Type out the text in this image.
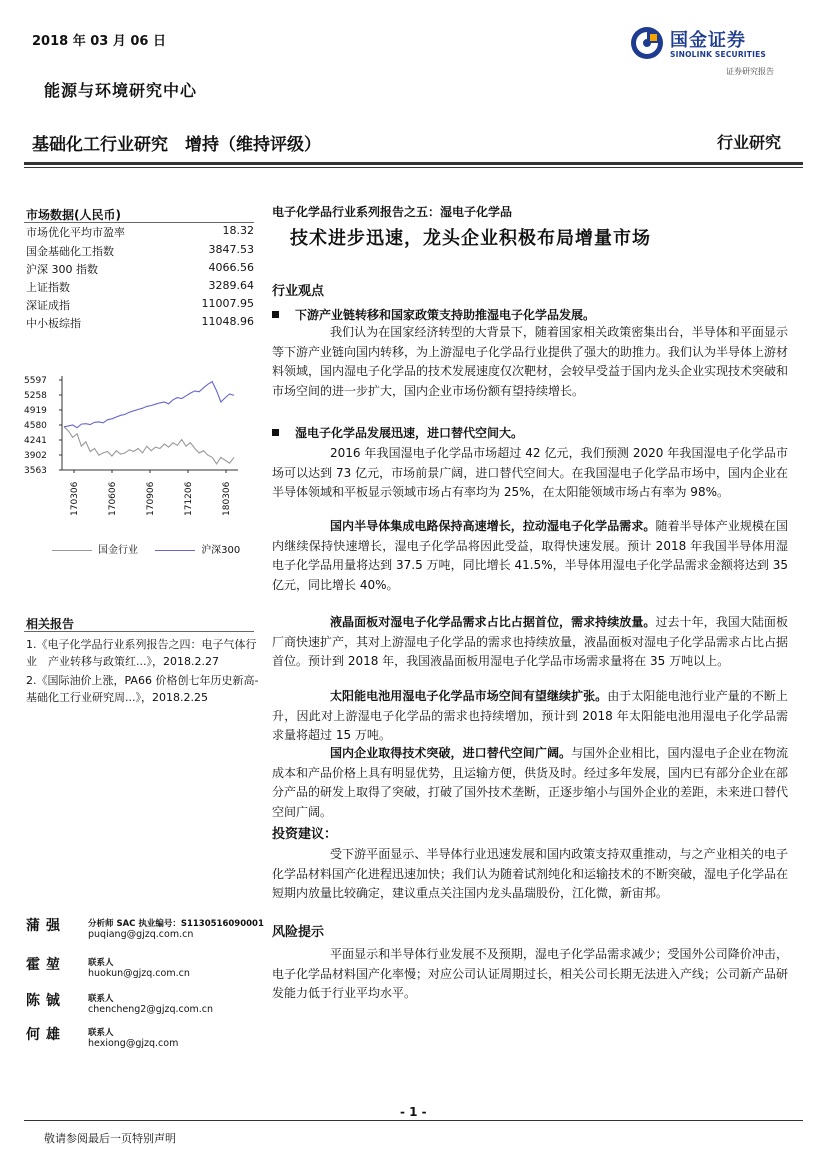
2018 年 03 月 06 日	国金证券
SINOLINK SECURITIES
证券研究报告
能源与环境研究中心
基础化工行业研究　增持（维持评级）	行业研究
市场数据(人民币)
市场优化平均市盈率	18.32
国金基础化工指数	3847.53
沪深 300 指数	4066.56
上证指数	3289.64
深证成指	11007.95
中小板综指	11048.96
5597
5258
4919
4580
4241
3902
3563
170306	170606	170906	171206	180306
国金行业	沪深300
相关报告
1.《电子化学品行业系列报告之四：电子气体行业　产业转移与政策红...》，2018.2.27
2.《国际油价上涨，PA66 价格创七年历史新高-基础化工行业研究周...》，2018.2.25
蒲强	分析师 SAC 执业编号：S1130516090001
puqiang@gjzq.com.cn
霍堃	联系人
huokun@gjzq.com.cn
陈铖	联系人
chencheng2@gjzq.com.cn
何雄	联系人
hexiong@gjzq.com
电子化学品行业系列报告之五：湿电子化学品
技术进步迅速，龙头企业积极布局增量市场
行业观点
下游产业链转移和国家政策支持助推湿电子化学品发展。
我们认为在国家经济转型的大背景下，随着国家相关政策密集出台，半导体和平面显示等下游产业链向国内转移，为上游湿电子化学品行业提供了强大的助推力。我们认为半导体上游材料领域，国内湿电子化学品的技术发展速度仅次靶材，会较早受益于国内龙头企业实现技术突破和市场空间的进一步扩大，国内企业市场份额有望持续增长。
湿电子化学品发展迅速，进口替代空间大。
2016 年我国湿电子化学品市场超过 42 亿元，我们预测 2020 年我国湿电子化学品市场可以达到 73 亿元，市场前景广阔，进口替代空间大。在我国湿电子化学品市场中，国内企业在半导体领域和平板显示领域市场占有率均为 25%，在太阳能领域市场占有率为 98%。
国内半导体集成电路保持高速增长，拉动湿电子化学品需求。随着半导体产业规模在国内继续保持快速增长，湿电子化学品将因此受益，取得快速发展。预计 2018 年我国半导体用湿电子化学品用量将达到 37.5 万吨，同比增长 41.5%，半导体用湿电子化学品需求金额将达到 35 亿元，同比增长 40%。
液晶面板对湿电子化学品需求占比占据首位，需求持续放量。过去十年，我国大陆面板厂商快速扩产，其对上游湿电子化学品的需求也持续放量，液晶面板对湿电子化学品需求占比占据首位。预计到 2018 年，我国液晶面板用湿电子化学品市场需求量将在 35 万吨以上。
太阳能电池用湿电子化学品市场空间有望继续扩张。由于太阳能电池行业产量的不断上升，因此对上游湿电子化学品的需求也持续增加，预计到 2018 年太阳能电池用湿电子化学品需求量将超过 15 万吨。
国内企业取得技术突破，进口替代空间广阔。与国外企业相比，国内湿电子企业在物流成本和产品价格上具有明显优势，且运输方便，供货及时。经过多年发展，国内已有部分企业在部分产品的研发上取得了突破，打破了国外技术垄断，正逐步缩小与国外企业的差距，未来进口替代空间广阔。
投资建议：
受下游平面显示、半导体行业迅速发展和国内政策支持双重推动，与之产业相关的电子化学品材料国产化进程迅速加快；我们认为随着试剂纯化和运输技术的不断突破，湿电子化学品在短期内放量比较确定，建议重点关注国内龙头晶瑞股份，江化微，新宙邦。
风险提示
平面显示和半导体行业发展不及预期，湿电子化学品需求减少；受国外公司降价冲击，电子化学品材料国产化率慢；对应公司认证周期过长，相关公司长期无法进入产线；公司新产品研发能力低于行业平均水平。
- 1 -
敬请参阅最后一页特别声明
